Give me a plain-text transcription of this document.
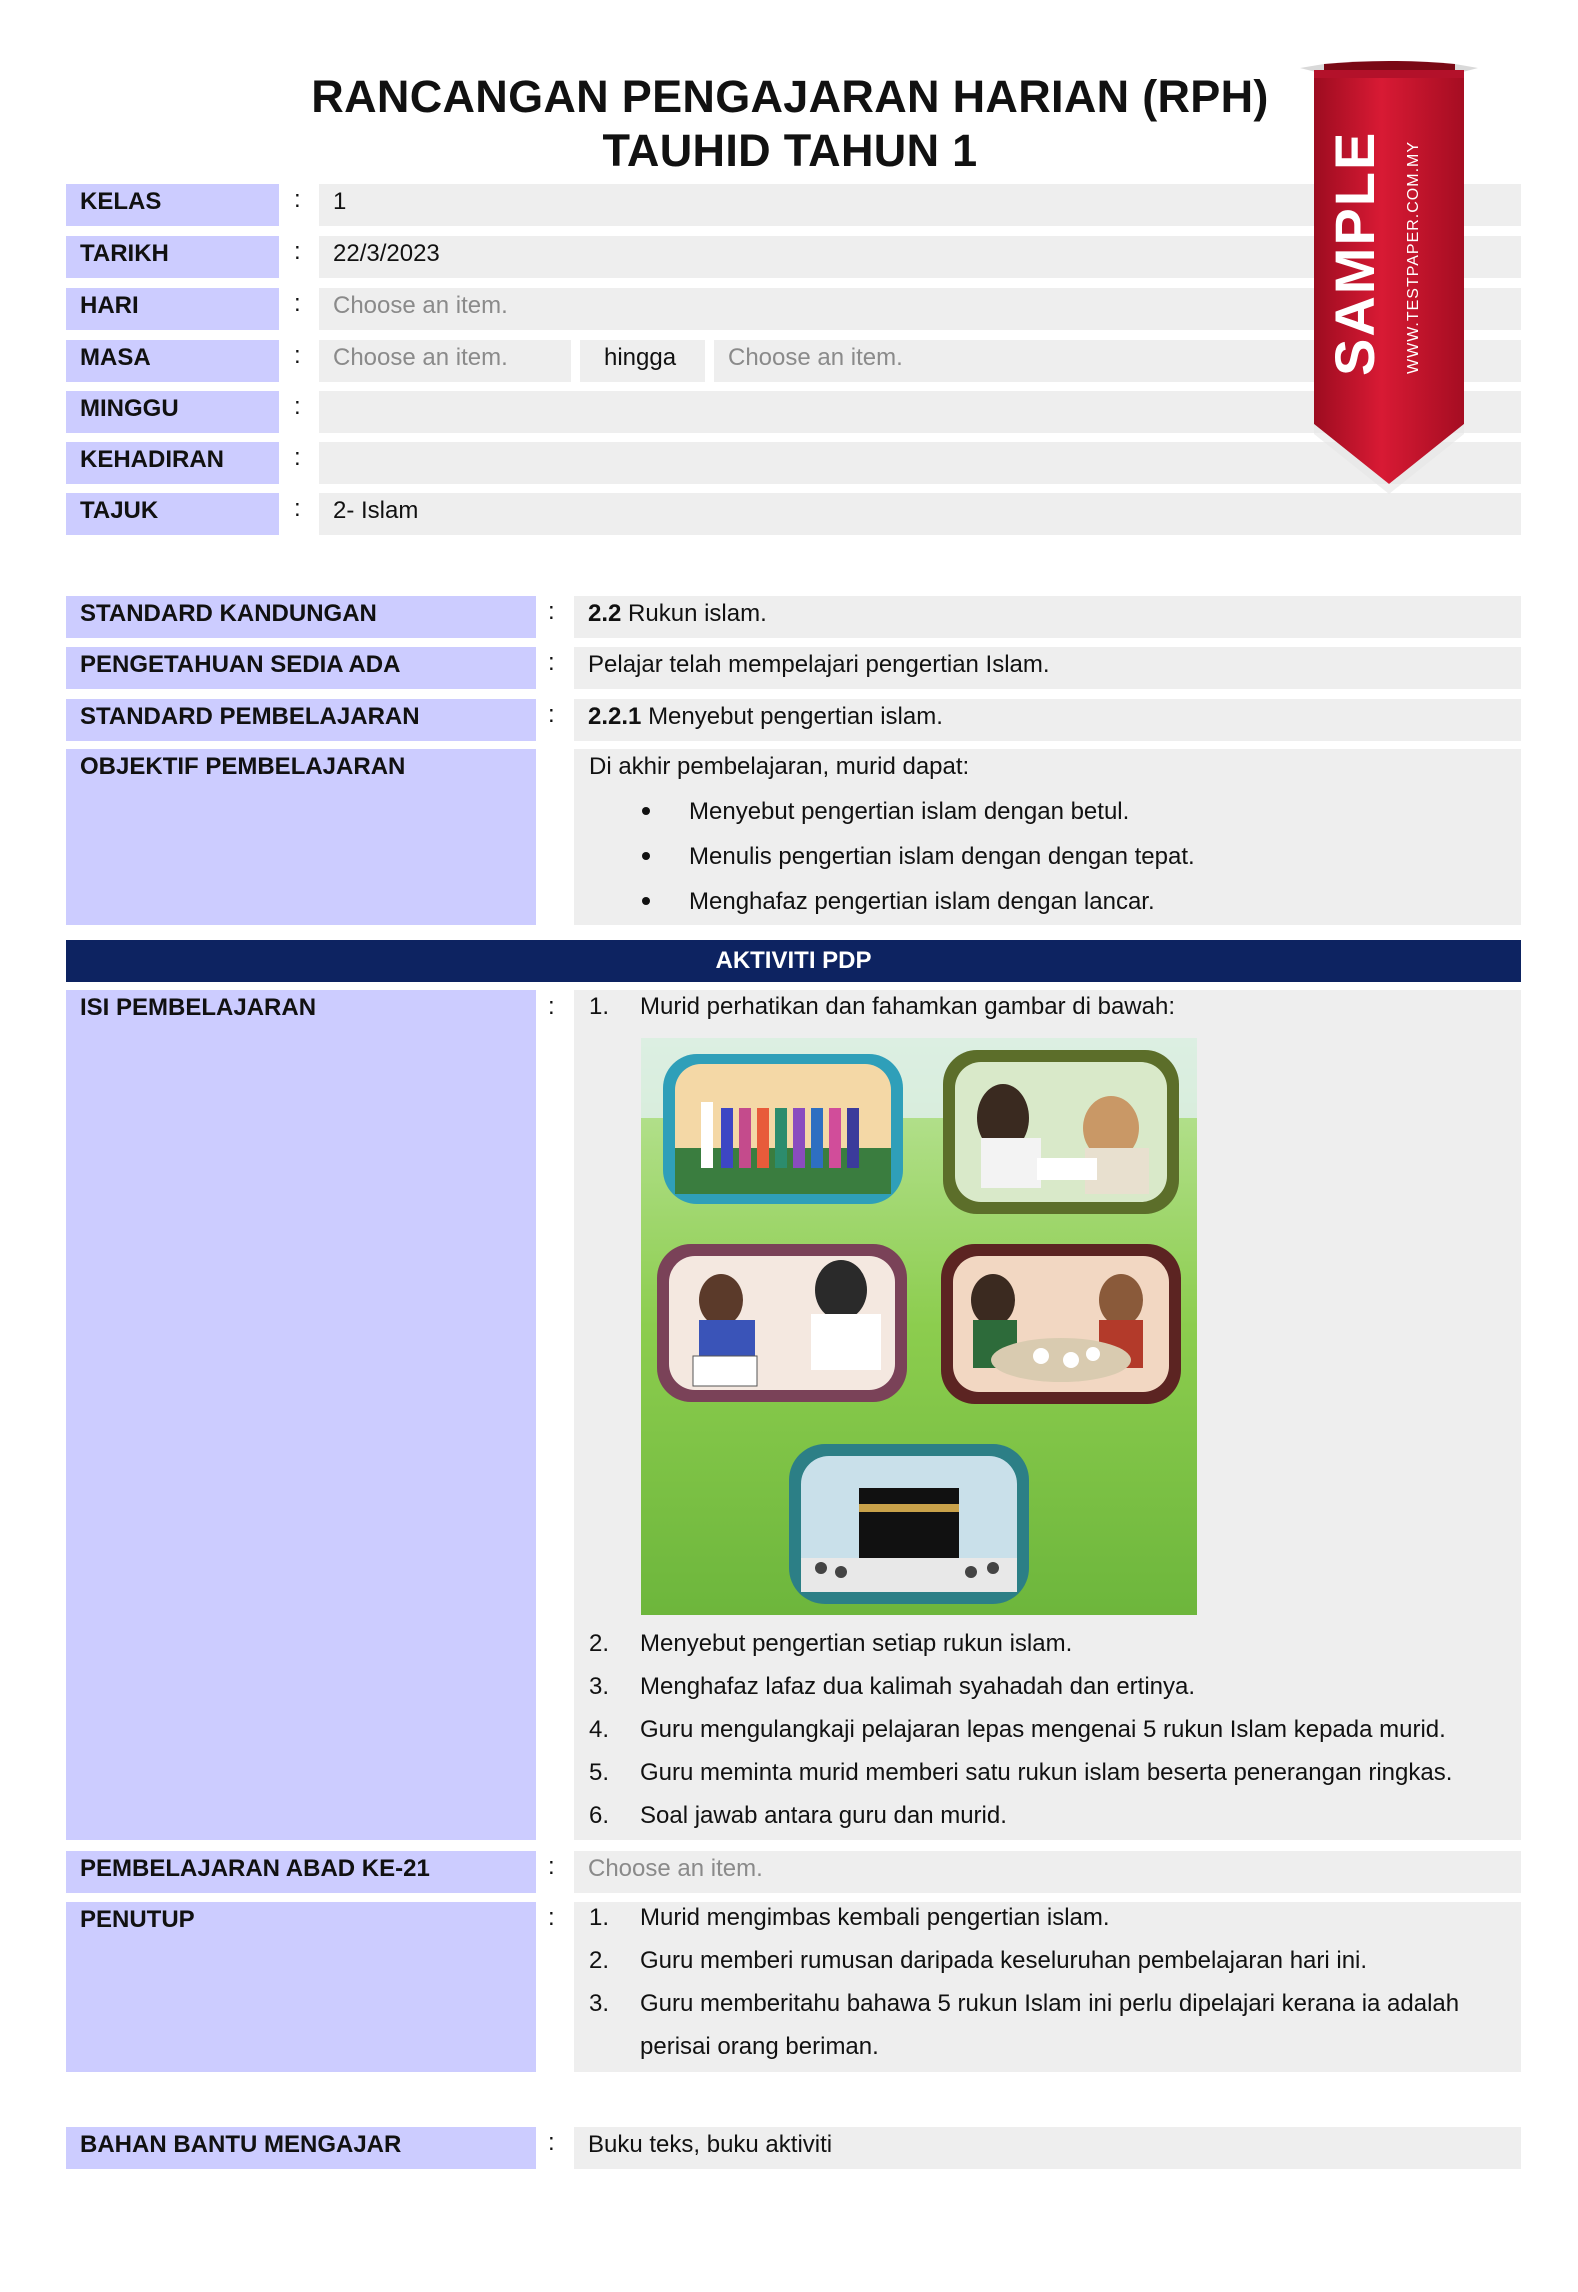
RANCANGAN PENGAJARAN HARIAN (RPH)
TAUHID TAHUN 1
KELAS	:	1
TARIKH	:	22/3/2023
HARI	:	Choose an item.
MASA	:	Choose an item.	hingga	Choose an item.
MINGGU	:
KEHADIRAN	:
TAJUK	:	2- Islam
SAMPLE WWW.TESTPAPER.COM.MY
STANDARD KANDUNGAN	:	2.2 Rukun islam.
PENGETAHUAN SEDIA ADA	:	Pelajar telah mempelajari pengertian Islam.
STANDARD PEMBELAJARAN	:	2.2.1 Menyebut pengertian islam.
OBJEKTIF PEMBELAJARAN	Di akhir pembelajaran, murid dapat:
Menyebut pengertian islam dengan betul.
Menulis pengertian islam dengan dengan tepat.
Menghafaz pengertian islam dengan lancar.
AKTIVITI PDP
ISI PEMBELAJARAN	: 1. Murid perhatikan dan fahamkan gambar di bawah:
2. Menyebut pengertian setiap rukun islam.
3. Menghafaz lafaz dua kalimah syahadah dan ertinya.
4. Guru mengulangkaji pelajaran lepas mengenai 5 rukun Islam kepada murid.
5. Guru meminta murid memberi satu rukun islam beserta penerangan ringkas.
6. Soal jawab antara guru dan murid.
PEMBELAJARAN ABAD KE-21	:	Choose an item.
PENUTUP	: 1. Murid mengimbas kembali pengertian islam.
2. Guru memberi rumusan daripada keseluruhan pembelajaran hari ini.
3. Guru memberitahu bahawa 5 rukun Islam ini perlu dipelajari kerana ia adalah
perisai orang beriman.
BAHAN BANTU MENGAJAR	:	Buku teks, buku aktiviti
